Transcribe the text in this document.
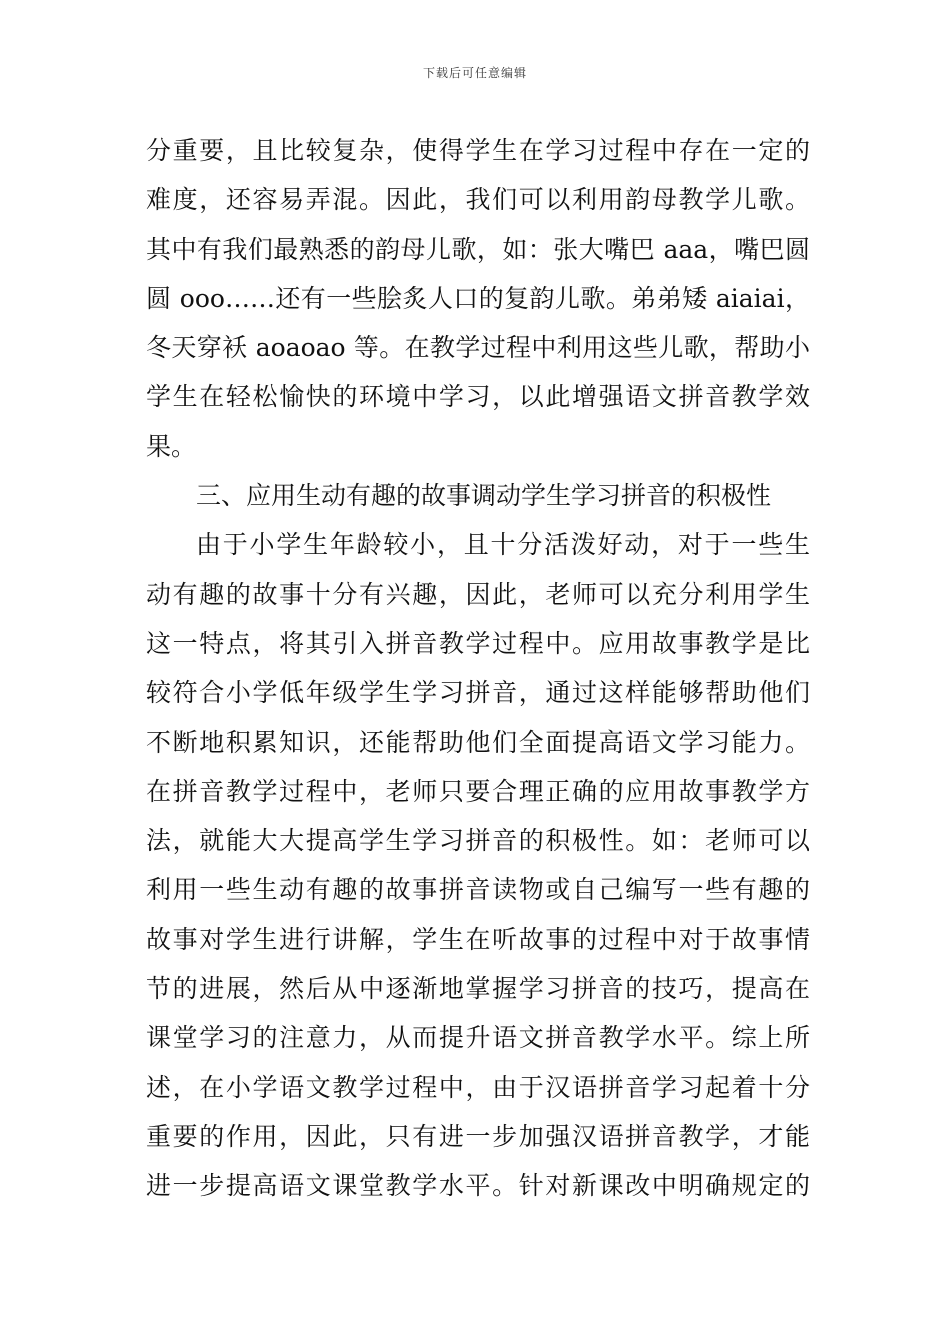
下载后可任意编辑
分重要，且比较复杂，使得学生在学习过程中存在一定的
难度，还容易弄混。因此，我们可以利用韵母教学儿歌。
其中有我们最熟悉的韵母儿歌，如：张大嘴巴 aaa，嘴巴圆
圆 ooo……还有一些脍炙人口的复韵儿歌。弟弟矮 aiaiai，
冬天穿袄 aoaoao 等。在教学过程中利用这些儿歌，帮助小
学生在轻松愉快的环境中学习，以此增强语文拼音教学效
果。
三、应用生动有趣的故事调动学生学习拼音的积极性
由于小学生年龄较小，且十分活泼好动，对于一些生
动有趣的故事十分有兴趣，因此，老师可以充分利用学生
这一特点，将其引入拼音教学过程中。应用故事教学是比
较符合小学低年级学生学习拼音，通过这样能够帮助他们
不断地积累知识，还能帮助他们全面提高语文学习能力。
在拼音教学过程中，老师只要合理正确的应用故事教学方
法，就能大大提高学生学习拼音的积极性。如：老师可以
利用一些生动有趣的故事拼音读物或自己编写一些有趣的
故事对学生进行讲解，学生在听故事的过程中对于故事情
节的进展，然后从中逐渐地掌握学习拼音的技巧，提高在
课堂学习的注意力，从而提升语文拼音教学水平。综上所
述，在小学语文教学过程中，由于汉语拼音学习起着十分
重要的作用，因此，只有进一步加强汉语拼音教学，才能
进一步提高语文课堂教学水平。针对新课改中明确规定的
